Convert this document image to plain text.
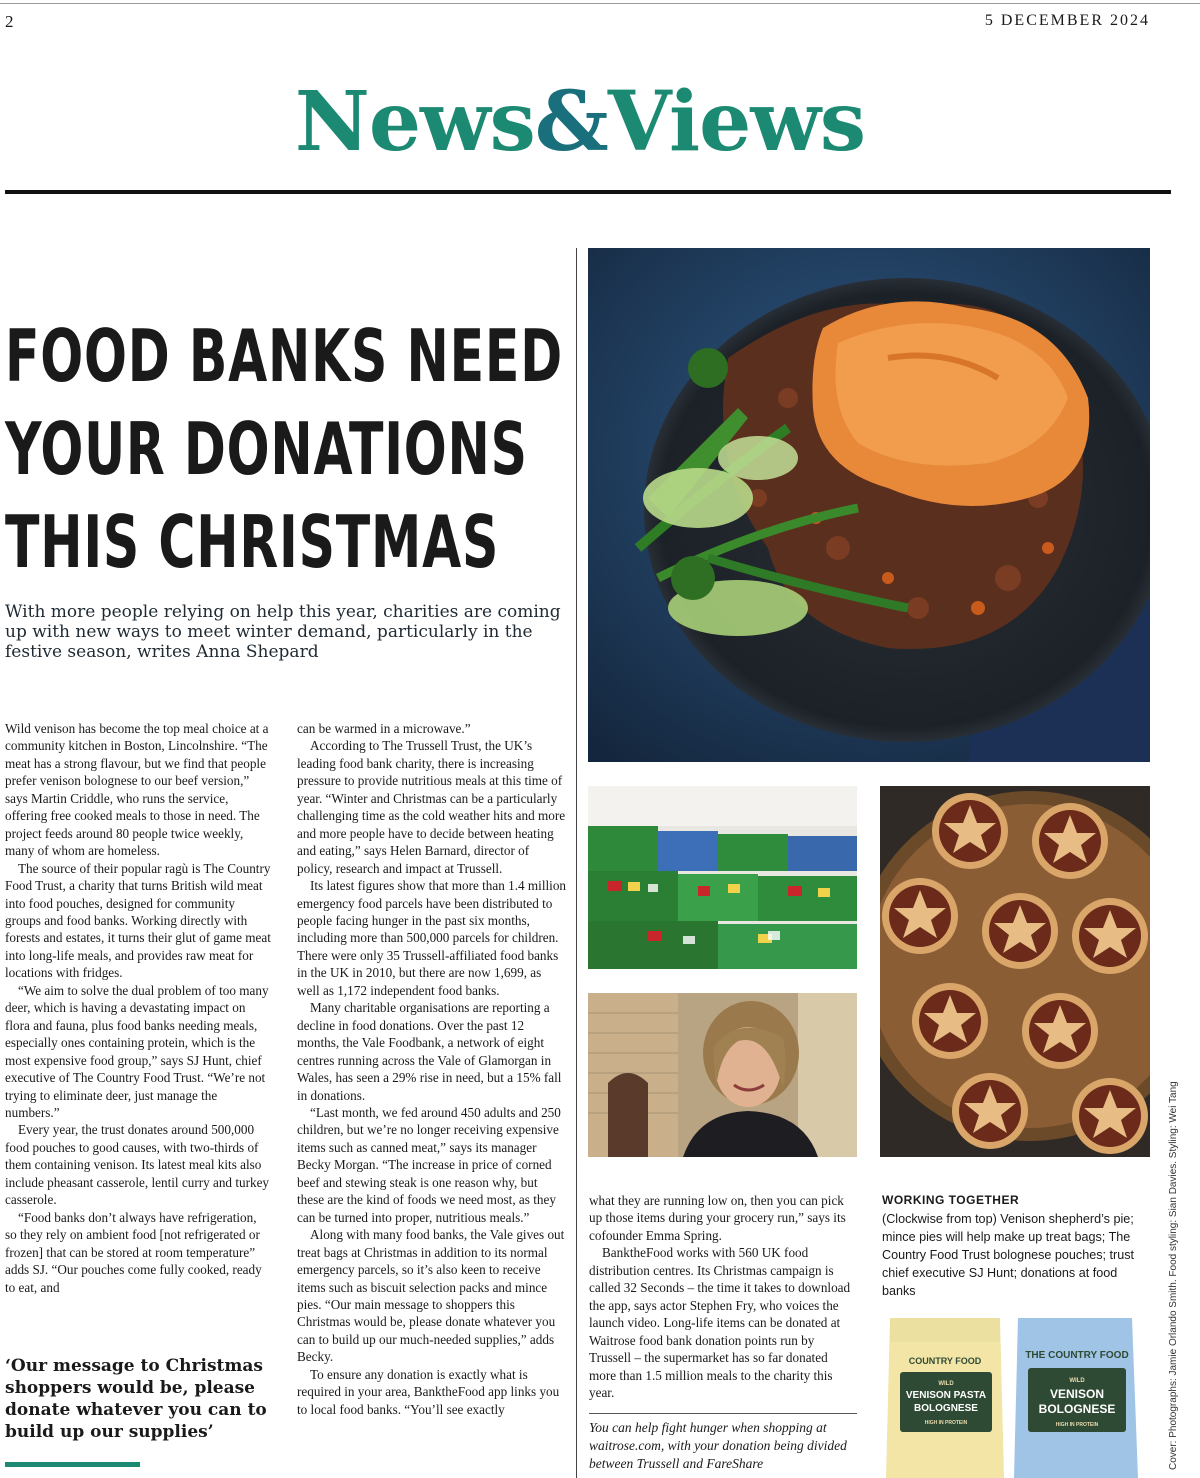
2	5 DECEMBER 2024
News&Views
FOOD BANKS NEED
YOUR DONATIONS
THIS CHRISTMAS
With more people relying on help this year, charities are coming up with new ways to meet winter demand, particularly in the festive season, writes Anna Shepard

Wild venison has become the top meal choice at a community kitchen in Boston, Lincolnshire. “The meat has a strong flavour, but we find that people prefer venison bolognese to our beef version,” says Martin Criddle, who runs the service, offering free cooked meals to those in need. The project feeds around 80 people twice weekly, many of whom are homeless.

The source of their popular ragù is The Country Food Trust, a charity that turns British wild meat into food pouches, designed for community groups and food banks. Working directly with forests and estates, it turns their glut of game meat into long-life meals, and provides raw meat for locations with fridges.

“We aim to solve the dual problem of too many deer, which is having a devastating impact on flora and fauna, plus food banks needing meals, especially ones containing protein, which is the most expensive food group,” says SJ Hunt, chief executive of The Country Food Trust. “We’re not trying to eliminate deer, just manage the numbers.”

Every year, the trust donates around 500,000 food pouches to good causes, with two-thirds of them containing venison. Its latest meal kits also include pheasant casserole, lentil curry and turkey casserole.

“Food banks don’t always have refrigeration, so they rely on ambient food [not refrigerated or frozen] that can be stored at room temperature” adds SJ. “Our pouches come fully cooked, ready to eat, and

‘Our message to Christmas shoppers would be, please donate whatever you can to build up our supplies’

can be warmed in a microwave.”

According to The Trussell Trust, the UK’s leading food bank charity, there is increasing pressure to provide nutritious meals at this time of year. “Winter and Christmas can be a particularly challenging time as the cold weather hits and more and more people have to decide between heating and eating,” says Helen Barnard, director of policy, research and impact at Trussell.

Its latest figures show that more than 1.4 million emergency food parcels have been distributed to people facing hunger in the past six months, including more than 500,000 parcels for children. There were only 35 Trussell-affiliated food banks in the UK in 2010, but there are now 1,699, as well as 1,172 independent food banks.

Many charitable organisations are reporting a decline in food donations. Over the past 12 months, the Vale Foodbank, a network of eight centres running across the Vale of Glamorgan in Wales, has seen a 29% rise in need, but a 15% fall in donations.

“Last month, we fed around 450 adults and 250 children, but we’re no longer receiving expensive items such as canned meat,” says its manager Becky Morgan. “The increase in price of corned beef and stewing steak is one reason why, but these are the kind of foods we need most, as they can be turned into proper, nutritious meals.”

Along with many food banks, the Vale gives out treat bags at Christmas in addition to its normal emergency parcels, so it’s also keen to receive items such as biscuit selection packs and mince pies. “Our main message to shoppers this Christmas would be, please donate whatever you can to build up our much-needed supplies,” adds Becky.

To ensure any donation is exactly what is required in your area, BanktheFood app links you to local food banks. “You’ll see exactly

what they are running low on, then you can pick up those items during your grocery run,” says its cofounder Emma Spring.

BanktheFood works with 560 UK food distribution centres. Its Christmas campaign is called 32 Seconds – the time it takes to download the app, says actor Stephen Fry, who voices the launch video. Long-life items can be donated at Waitrose food bank donation points run by Trussell – the supermarket has so far donated more than 1.5 million meals to the charity this year.

You can help fight hunger when shopping at waitrose.com, with your donation being divided between Trussell and FareShare
COUNTRY FOOD
WILD
VENISON PASTA
BOLOGNESE
HIGH IN PROTEIN
THE COUNTRY FOOD
WILD
VENISON
BOLOGNESE
HIGH IN PROTEIN
WORKING TOGETHER
(Clockwise from top) Venison shepherd’s pie; mince pies will help make up treat bags; The Country Food Trust bolognese pouches; trust chief executive SJ Hunt; donations at food banks	Cover: Photographs: Jamie Orlando Smith. Food styling: Sian Davies. Styling: Wei Tang
